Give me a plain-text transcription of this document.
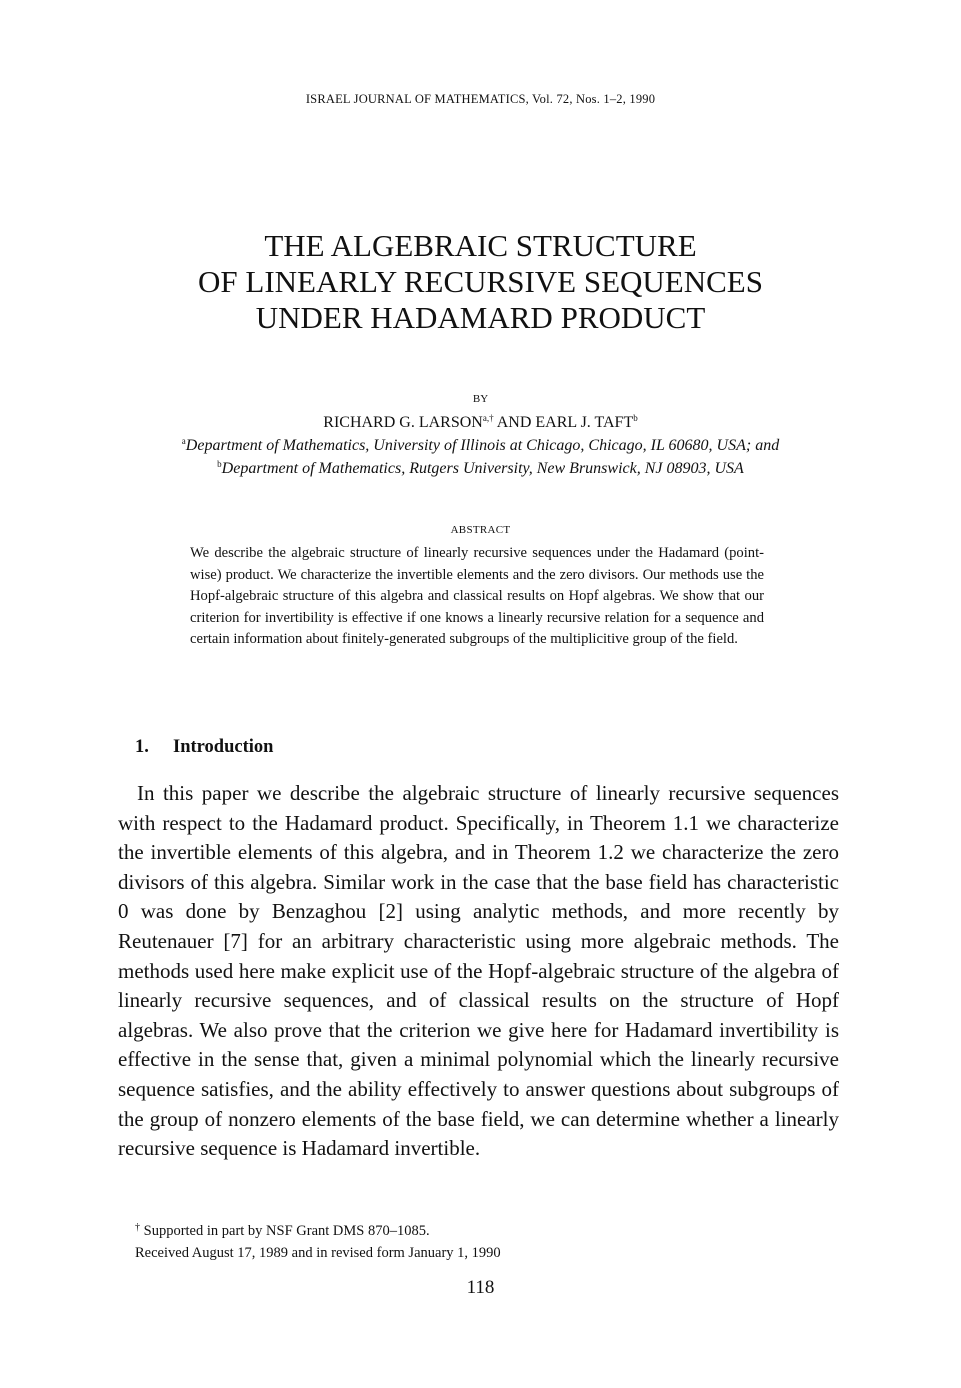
ISRAEL JOURNAL OF MATHEMATICS, Vol. 72, Nos. 1–2, 1990
THE ALGEBRAIC STRUCTURE
OF LINEARLY RECURSIVE SEQUENCES
UNDER HADAMARD PRODUCT
BY
RICHARD G. $LARSON^{a,\dagger}$ AND EARL J. TAFT$^b$
$^a$Department of Mathematics, University of Illinois at Chicago, Chicago, IL 60680, USA; and
$^b$Department of Mathematics, Rutgers University, New Brunswick, NJ 08903, USA
ABSTRACT
We describe the algebraic structure of linearly recursive sequences under the Hadamard (point-wise) product. We characterize the invertible elements and the zero divisors. Our methods use the Hopf-algebraic structure of this algebra and classical results on Hopf algebras. We show that our criterion for invertibility is effective if one knows a linearly recursive relation for a sequence and certain information about finitely-generated subgroups of the multiplicitive group of the field.
1. Introduction

In this paper we describe the algebraic structure of linearly recursive sequences with respect to the Hadamard product. Specifically, in Theorem 1.1 we characterize the invertible elements of this algebra, and in Theorem 1.2 we characterize the zero divisors of this algebra. Similar work in the case that the base field has characteristic 0 was done by Benzaghou [2] using analytic methods, and more recently by Reutenauer [7] for an arbitrary characteristic using more algebraic methods. The methods used here make explicit use of the Hopf-algebraic structure of the algebra of linearly recursive sequences, and of classical results on the structure of Hopf algebras. We also prove that the criterion we give here for Hadamard invertibility is effective in the sense that, given a minimal polynomial which the linearly recursive sequence satisfies, and the ability effectively to answer questions about subgroups of the group of nonzero elements of the base field, we can determine whether a linearly recursive sequence is Hadamard invertible.

† Supported in part by NSF Grant DMS 870–1085.
Received August 17, 1989 and in revised form January 1, 1990
118
